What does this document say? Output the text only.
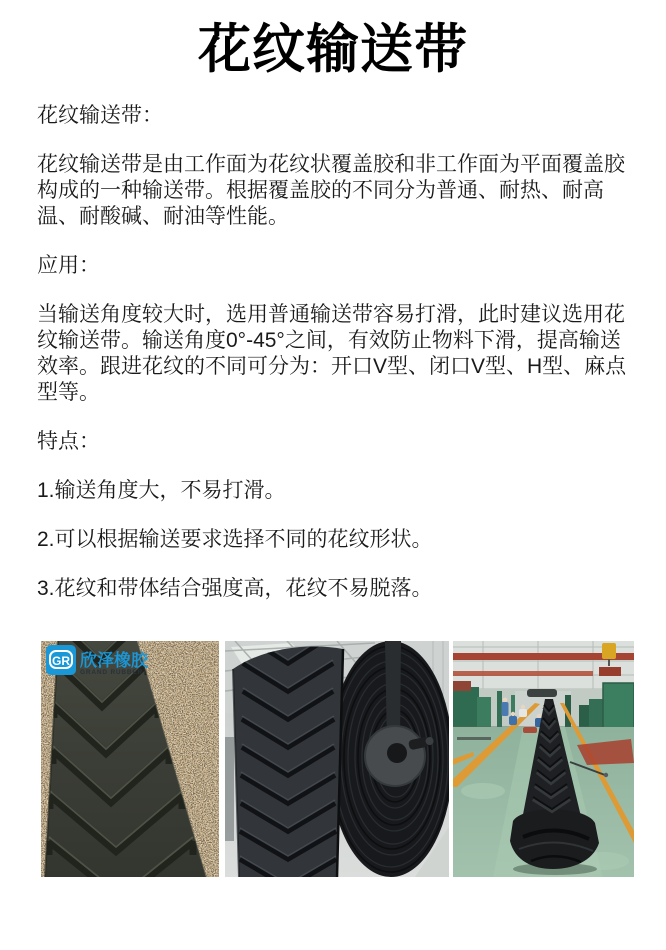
花纹输送带

花纹输送带：

花纹输送带是由工作面为花纹状覆盖胶和非工作面为平面覆盖胶构成的一种输送带。根据覆盖胶的不同分为普通、耐热、耐高温、耐酸碱、耐油等性能。

应用：

当输送角度较大时，选用普通输送带容易打滑，此时建议选用花纹输送带。输送角度0°-45°之间，有效防止物料下滑，提高输送效率。跟进花纹的不同可分为：开口V型、闭口V型、H型、麻点型等。

特点：

1.输送角度大，不易打滑。

2.可以根据输送要求选择不同的花纹形状。

3.花纹和带体结合强度高，花纹不易脱落。

GR 欣泽橡胶
GRAND RUBBER
